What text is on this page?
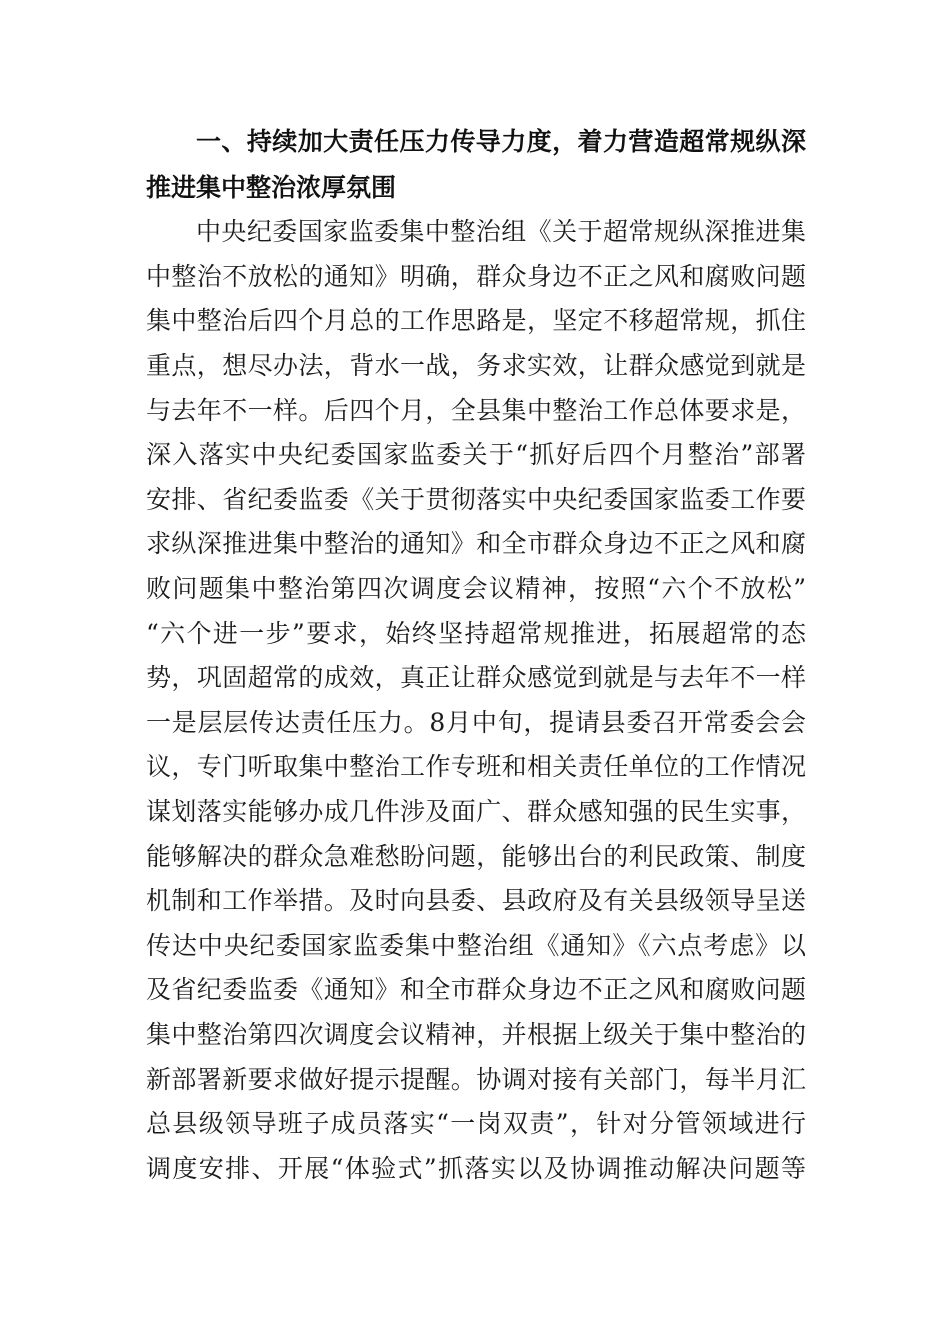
一、持续加大责任压力传导力度，着力营造超常规纵深
推进集中整治浓厚氛围
中央纪委国家监委集中整治组《关于超常规纵深推进集
中整治不放松的通知》明确，群众身边不正之风和腐败问题
集中整治后四个月总的工作思路是，坚定不移超常规，抓住
重点，想尽办法，背水一战，务求实效，让群众感觉到就是
与去年不一样。后四个月，全县集中整治工作总体要求是，
深入落实中央纪委国家监委关于“抓好后四个月整治”部署
安排、省纪委监委《关于贯彻落实中央纪委国家监委工作要
求纵深推进集中整治的通知》和全市群众身边不正之风和腐
败问题集中整治第四次调度会议精神，按照“六个不放松”
“六个进一步”要求，始终坚持超常规推进，拓展超常的态
势，巩固超常的成效，真正让群众感觉到就是与去年不一样
一是层层传达责任压力。8月中旬，提请县委召开常委会会
议，专门听取集中整治工作专班和相关责任单位的工作情况
谋划落实能够办成几件涉及面广、群众感知强的民生实事，
能够解决的群众急难愁盼问题，能够出台的利民政策、制度
机制和工作举措。及时向县委、县政府及有关县级领导呈送
传达中央纪委国家监委集中整治组《通知》《六点考虑》以
及省纪委监委《通知》和全市群众身边不正之风和腐败问题
集中整治第四次调度会议精神，并根据上级关于集中整治的
新部署新要求做好提示提醒。协调对接有关部门，每半月汇
总县级领导班子成员落实“一岗双责”，针对分管领域进行
调度安排、开展“体验式”抓落实以及协调推动解决问题等
